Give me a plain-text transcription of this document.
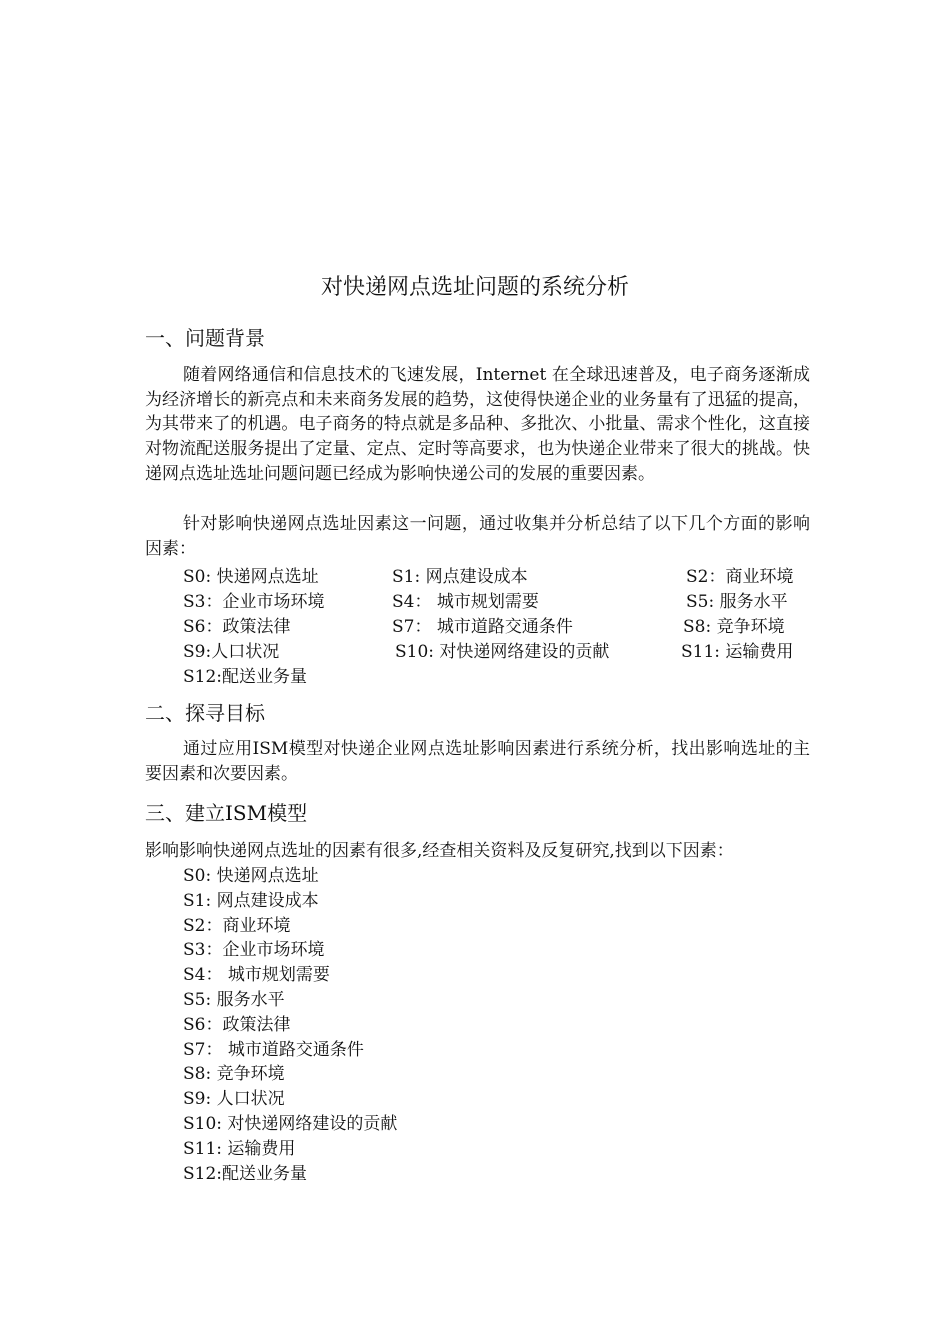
对快递网点选址问题的系统分析
一、问题背景
随着网络通信和信息技术的飞速发展，Internet 在全球迅速普及，电子商务逐渐成为经济增长的新亮点和未来商务发展的趋势，这使得快递企业的业务量有了迅猛的提高，为其带来了的机遇。电子商务的特点就是多品种、多批次、小批量、需求个性化，这直接对物流配送服务提出了定量、定点、定时等高要求，也为快递企业带来了很大的挑战。快递网点选址选址问题问题已经成为影响快递公司的发展的重要因素。
针对影响快递网点选址因素这一问题，通过收集并分析总结了以下几个方面的影响因素：
S0: 快递网点选址	S1: 网点建设成本	S2：商业环境
S3：企业市场环境	S4： 城市规划需要	S5: 服务水平
S6：政策法律	S7： 城市道路交通条件	S8: 竞争环境
S9:人口状况	S10: 对快递网络建设的贡献	S11: 运输费用
S12:配送业务量
二、探寻目标
通过应用ISM模型对快递企业网点选址影响因素进行系统分析，找出影响选址的主要因素和次要因素。
三、建立ISM模型
影响影响快递网点选址的因素有很多,经查相关资料及反复研究,找到以下因素：
S0: 快递网点选址
S1: 网点建设成本
S2：商业环境
S3：企业市场环境
S4： 城市规划需要
S5: 服务水平
S6：政策法律
S7： 城市道路交通条件
S8: 竞争环境
S9: 人口状况
S10: 对快递网络建设的贡献
S11: 运输费用
S12:配送业务量
